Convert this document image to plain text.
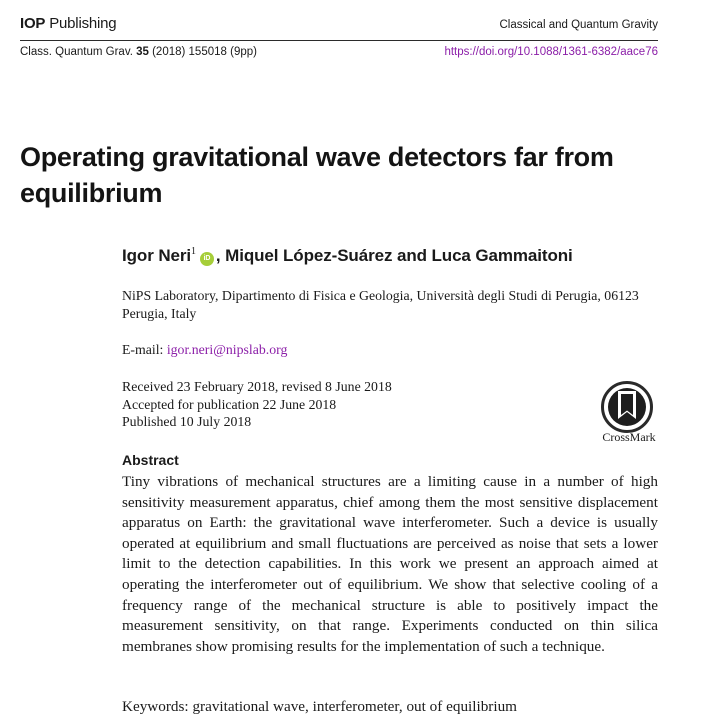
IOP Publishing	Classical and Quantum Gravity
Class. Quantum Grav. 35 (2018) 155018 (9pp)	https://doi.org/10.1088/1361-6382/aace76
Operating gravitational wave detectors far from equilibrium
Igor Neri$^1$iD , Miquel López-Suárez and Luca Gammaitoni
NiPS Laboratory, Dipartimento di Fisica e Geologia, Università degli Studi di Perugia, 06123 Perugia, Italy
E-mail: igor.neri@nipslab.org
Received 23 February 2018, revised 8 June 2018
Accepted for publication 22 June 2018
Published 10 July 2018
CrossMark
Abstract
Tiny vibrations of mechanical structures are a limiting cause in a number of high sensitivity measurement apparatus, chief among them the most sensitive displacement apparatus on Earth: the gravitational wave interferometer. Such a device is usually operated at equilibrium and small fluctuations are perceived as noise that sets a lower limit to the detection capabilities. In this work we present an approach aimed at operating the interferometer out of equilibrium. We show that selective cooling of a frequency range of the mechanical structure is able to positively impact the measurement sensitivity, on that range. Experiments conducted on thin silica membranes show promising results for the implementation of such a technique.
Keywords: gravitational wave, interferometer, out of equilibrium
